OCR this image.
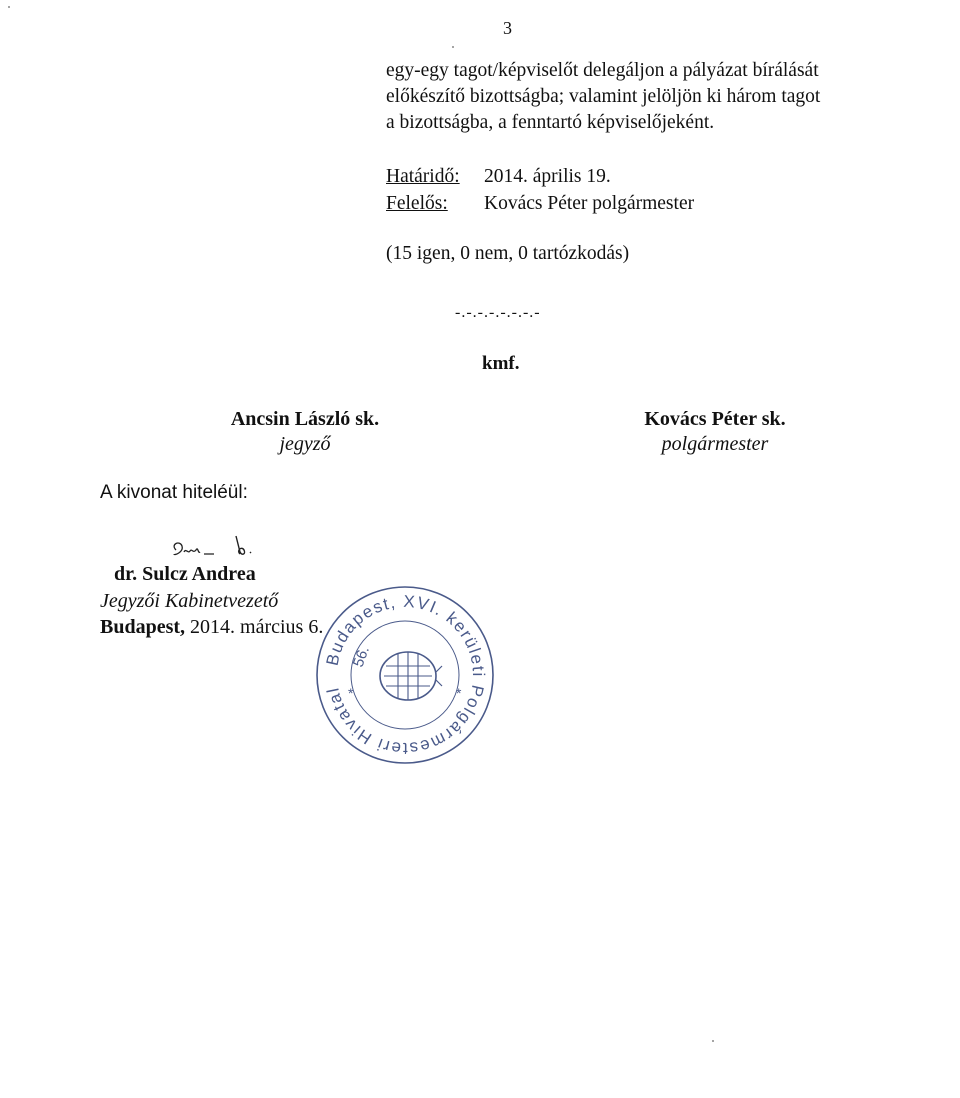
3
egy-egy tagot/képviselőt delegáljon a pályázat bírálását
előkészítő bizottságba; valamint jelöljön ki három tagot
a bizottságba, a fenntartó képviselőjeként.
Határidő: 2014. április 19.
Felelős: Kovács Péter polgármester
(15 igen, 0 nem, 0 tartózkodás)
-.-.-.-.-.-.-.-
kmf.
Ancsin László sk.
jegyző
Kovács Péter sk.
polgármester
A kivonat hiteléül:
dr. Sulcz Andrea
Jegyzői Kabinetvezető
Budapest, 2014. március 6.
Budapest, XVI. kerületi Polgármesteri Hivatal
56.
*	*
